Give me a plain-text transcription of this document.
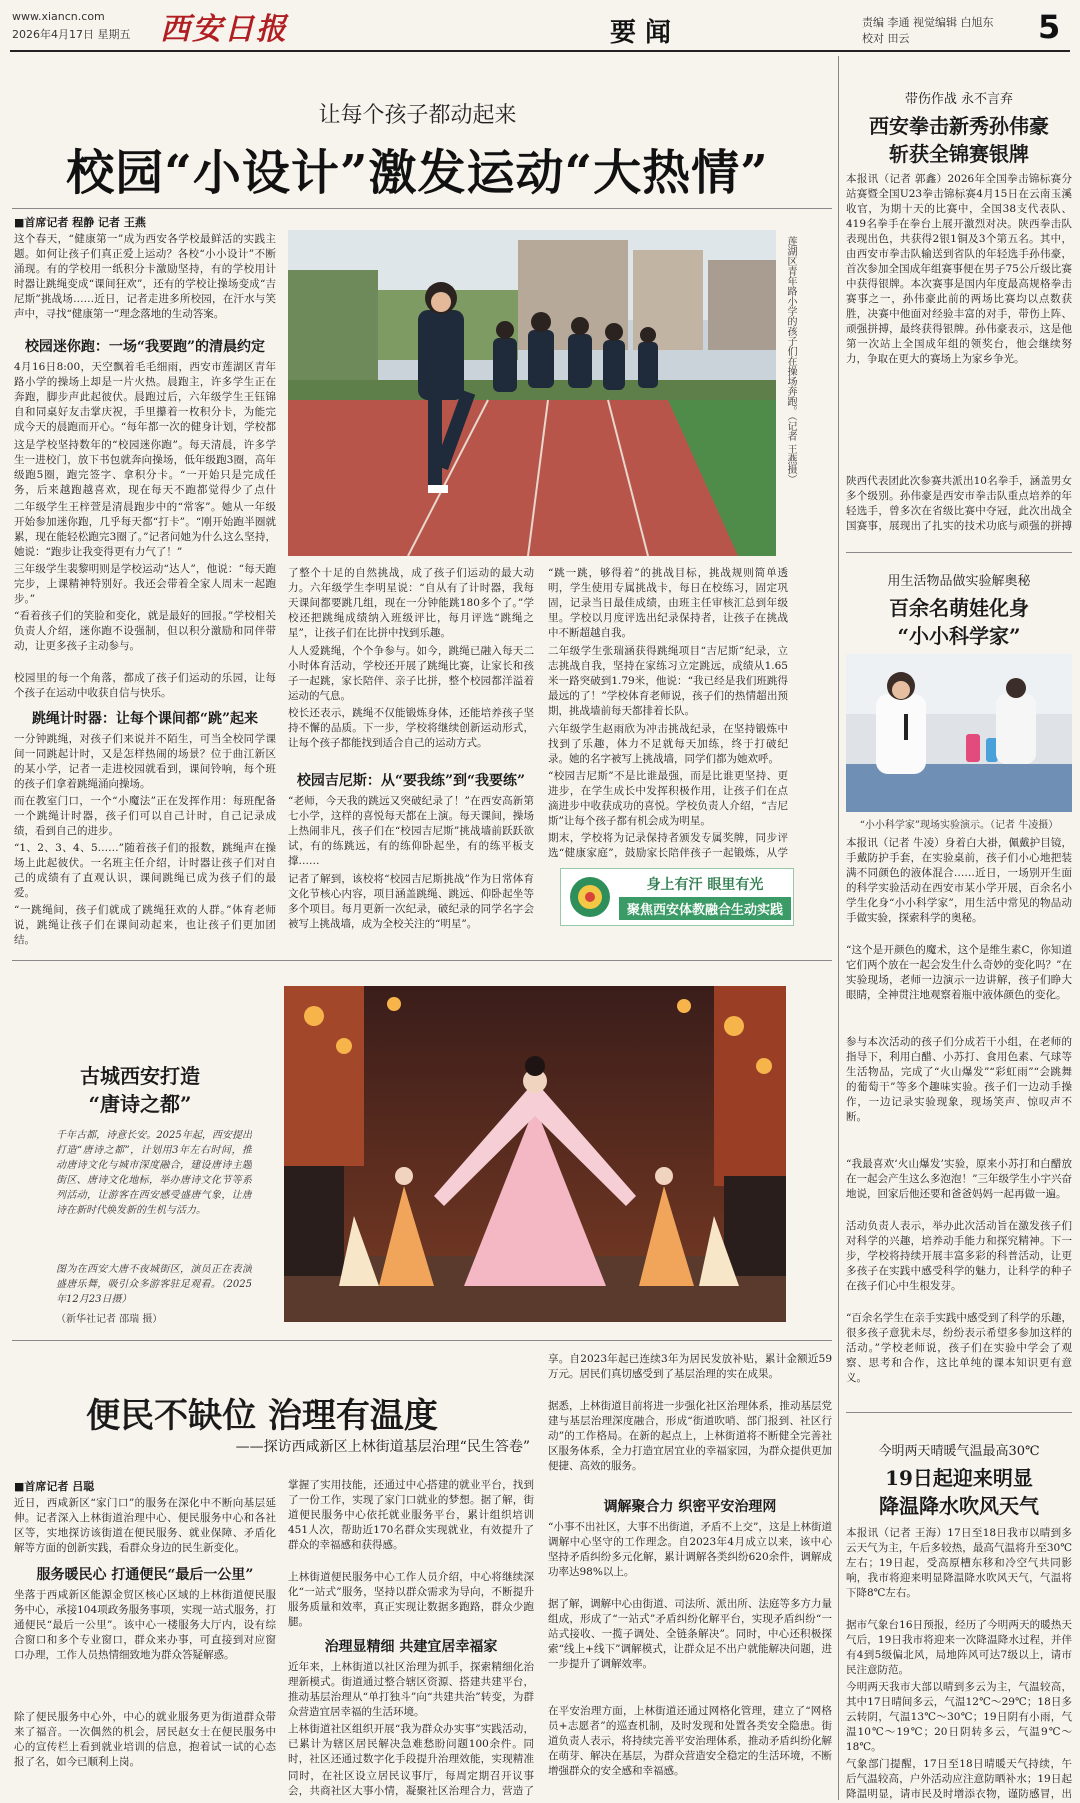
www.xiancn.com
2026年4月17日 星期五 西安日报	要 闻	责编 李通 视觉编辑 白旭东
校对 田云	5
让每个孩子都动起来
校园“小设计”激发运动“大热情”
■首席记者 程静 记者 王燕
这个春天，“健康第一”成为西安各学校最鲜活的实践主题。如何让孩子们真正爱上运动？各校“小小设计”不断涌现。有的学校用一纸积分卡激励坚持，有的学校用计时器让跳绳变成“课间狂欢”，还有的学校让操场变成“吉尼斯”挑战场……近日，记者走进多所校园，在汗水与笑声中，寻找“健康第一”理念落地的生动答案。
校园迷你跑：一场“我要跑”的清晨约定
4月16日8:00，天空飘着毛毛细雨，西安市莲湖区青年路小学的操场上却是一片火热。晨跑主，许多学生正在奔跑，脚步声此起彼伏。晨跑过后，六年级学生王钰锦自和同桌好友击掌庆祝，手里攥着一枚积分卡，为能完成今天的晨跑而开心。“每年都一次的健身计划，学校都
这是学校坚持数年的“校园迷你跑”。每天清晨，许多学生一进校门，放下书包就奔向操场，低年级跑3圈，高年级跑5圈，跑完签字、拿积分卡。“一开始只是完成任务，后来越跑越喜欢，现在每天不跑都觉得少了点什
二年级学生王梓萱是清晨跑步中的“常客”。她从一年级开始参加迷你跑，几乎每天都“打卡”。“刚开始跑半圈就累，现在能轻松跑完3圈了。”记者问她为什么这么坚持，她说：“跑步让我变得更有力气了！”
三年级学生裴黎明则是学校运动“达人”，他说：“每天跑完步，上课精神特别好。我还会带着全家人周末一起跑步。”
“看着孩子们的笑脸和变化，就是最好的回报。”学校相关负责人介绍，迷你跑不设强制，但以积分激励和同伴带动，让更多孩子主动参与。
校园里的每一个角落，都成了孩子们运动的乐园，让每个孩子在运动中收获自信与快乐。
跳绳计时器：让每个课间都“跳”起来
一分钟跳绳，对孩子们来说并不陌生，可当全校同学课间一同跳起计时，又是怎样热闹的场景？位于曲江新区的某小学，记者一走进校园就看到，课间铃响，每个班的孩子们拿着跳绳涌向操场。
而在教室门口，一个“小魔法”正在发挥作用：每班配备一个跳绳计时器，孩子们可以自己计时，自己记录成绩，看到自己的进步。
“1、2、3、4、5……”随着孩子们的报数，跳绳声在操场上此起彼伏。一名班主任介绍，计时器让孩子们对自己的成绩有了直观认识，课间跳绳已成为孩子们的最爱。
“一跳绳间，孩子们就成了跳绳狂欢的人群。”体育老师说，跳绳让孩子们在课间动起来，也让孩子们更加团结。
莲湖区青年路小学的孩子们在操场奔跑。（记者 王燕摄）
了整个十足的自然挑战，成了孩子们运动的最大动力。六年级学生李明星说：“自从有了计时器，我每天课间都要跳几组，现在一分钟能跳180多个了。”学校还把跳绳成绩纳入班级评比，每月评选“跳绳之星”，让孩子们在比拼中找到乐趣。
人人爱跳绳，个个争参与。如今，跳绳已融入每天二小时体育活动，学校还开展了跳绳比赛，让家长和孩子一起跳，家长陪伴、亲子比拼，整个校园都洋溢着运动的气息。
校长还表示，跳绳不仅能锻炼身体，还能培养孩子坚持不懈的品质。下一步，学校将继续创新运动形式，让每个孩子都能找到适合自己的运动方式。
校园吉尼斯：从“要我练”到“我要练”
“老师，今天我的跳远又突破纪录了！”在西安高新第七小学，这样的喜悦每天都在上演。每天课间，操场上热闹非凡，孩子们在“校园吉尼斯”挑战墙前跃跃欲试，有的练跳远，有的练仰卧起坐，有的练平板支撑……
记者了解到，该校将“校园吉尼斯挑战”作为日常体育文化节核心内容，项目涵盖跳绳、跳远、仰卧起坐等多个项目。每月更新一次纪录，破纪录的同学名字会被写上挑战墙，成为全校关注的“明星”。
“跳一跳，够得着”的挑战目标，挑战规则简单透明，学生使用专属挑战卡，每日在校练习，固定巩固，记录当日最佳成绩，由班主任审核汇总到年级里。学校以月度评选出纪录保持者，让孩子在挑战中不断超越自我。
二年级学生张瑞涵获得跳绳项目“吉尼斯”纪录，立志挑战自我，坚持在家练习立定跳远，成绩从1.65米一路突破到1.79米，他说：“我已经是我们班跳得最远的了！”学校体育老师说，孩子们的热情超出预期，挑战墙前每天都排着长队。
六年级学生赵雨欣为冲击挑战纪录，在坚持锻炼中找到了乐趣，体力不足就每天加练，终于打破纪录。她的名字被写上挑战墙，同学们都为她欢呼。
“校园吉尼斯”不是比谁最强，而是比谁更坚持、更进步，在学生成长中发挥积极作用，让孩子们在点滴进步中收获成功的喜悦。学校负责人介绍，“吉尼斯”让每个孩子都有机会成为明星。
期末，学校将为记录保持者颁发专属奖牌，同步评选“健康家庭”，鼓励家长陪伴孩子一起锻炼，从学
身上有汗 眼里有光
聚焦西安体教融合生动实践
带伤作战 永不言弃
西安拳击新秀孙伟豪
斩获全锦赛银牌
本报讯（记者 郭鑫）2026年全国拳击锦标赛分站赛暨全国U23拳击锦标赛4月15日在云南玉溪收官，为期十天的比赛中，全国38支代表队、419名拳手在拳台上展开激烈对决。陕西拳击队表现出色，共获得2银1铜及3个第五名。其中，由西安市拳击队输送到省队的年轻选手孙伟豪，首次参加全国成年组赛事便在男子75公斤级比赛中获得银牌。本次赛事是国内年度最高规格拳击赛事之一，孙伟豪此前的两场比赛均以点数获胜，决赛中他面对经验丰富的对手，带伤上阵、顽强拼搏，最终获得银牌。孙伟豪表示，这是他第一次站上全国成年组的领奖台，他会继续努力，争取在更大的赛场上为家乡争光。
陕西代表团此次参赛共派出10名拳手，涵盖男女多个级别。孙伟豪是西安市拳击队重点培养的年轻选手，曾多次在省级比赛中夺冠，此次出战全国赛事，展现出了扎实的技术功底与顽强的拼搏
用生活物品做实验解奥秘
百余名萌娃化身
“小小科学家”
“小小科学家”现场实验演示。（记者 牛凌摄）
本报讯（记者 牛凌）身着白大褂，佩戴护目镜，手戴防护手套，在实验桌前，孩子们小心地把装满不同颜色的液体混合……近日，一场别开生面的科学实验活动在西安市某小学开展，百余名小学生化身“小小科学家”，用生活中常见的物品动手做实验，探索科学的奥秘。
“这个是开颜色的魔术，这个是维生素C，你知道它们两个放在一起会发生什么奇妙的变化吗？”在实验现场，老师一边演示一边讲解，孩子们睁大眼睛，全神贯注地观察着瓶中液体颜色的变化。
参与本次活动的孩子们分成若干小组，在老师的指导下，利用白醋、小苏打、食用色素、气球等生活物品，完成了“火山爆发”“彩虹雨”“会跳舞的葡萄干”等多个趣味实验。孩子们一边动手操作，一边记录实验现象，现场笑声、惊叹声不断。
“我最喜欢‘火山爆发’实验，原来小苏打和白醋放在一起会产生这么多泡泡！”三年级学生小宇兴奋地说，回家后他还要和爸爸妈妈一起再做一遍。
活动负责人表示，举办此次活动旨在激发孩子们对科学的兴趣，培养动手能力和探究精神。下一步，学校将持续开展丰富多彩的科普活动，让更多孩子在实践中感受科学的魅力，让科学的种子在孩子们心中生根发芽。
“百余名学生在亲手实践中感受到了科学的乐趣，很多孩子意犹未尽，纷纷表示希望多参加这样的活动。”学校老师说，孩子们在实验中学会了观察、思考和合作，这比单纯的课本知识更有意义。
今明两天晴暖气温最高30℃
19日起迎来明显
降温降水吹风天气
本报讯（记者 王海）17日至18日我市以晴到多云天气为主，午后多较热，最高气温将升至30℃左右；19日起，受高原槽东移和冷空气共同影响，我市将迎来明显降温降水吹风天气，气温将下降8℃左右。
据市气象台16日预报，经历了今明两天的暖热天气后，19日我市将迎来一次降温降水过程，并伴有4到5级偏北风，局地阵风可达7级以上，请市民注意防范。
今明两天我市大部以晴到多云为主，气温较高，其中17日晴间多云，气温12℃～29℃；18日多云转阴，气温13℃～30℃；19日阴有小雨，气温10℃～19℃；20日阴转多云，气温9℃～18℃。
气象部门提醒，17日至18日晴暖天气持续，午后气温较高，户外活动应注意防晒补水；19日起降温明显，请市民及时增添衣物，谨防感冒，出
古城西安打造
“唐诗之都”
千年古都，诗意长安。2025年起，西安提出打造“唐诗之都”，计划用3年左右时间，推动唐诗文化与城市深度融合，建设唐诗主题街区、唐诗文化地标，举办唐诗文化节等系列活动，让游客在西安感受盛唐气象，让唐诗在新时代焕发新的生机与活力。
图为在西安大唐不夜城街区，演员正在表演盛唐乐舞，吸引众多游客驻足观看。（2025年12月23日摄）
（新华社记者 邵瑞 摄）
便民不缺位 治理有温度
——探访西咸新区上林街道基层治理“民生答卷”
■首席记者 吕聪
近日，西咸新区“家门口”的服务在深化中不断向基层延伸。记者深入上林街道治理中心、便民服务中心和各社区等，实地探访该街道在便民服务、就业保障、矛盾化解等方面的创新实践，看群众身边的民生新变化。
服务暖民心 打通便民“最后一公里”
坐落于西咸新区能源金贸区核心区域的上林街道便民服务中心，承接104项政务服务事项，实现一站式服务，打通便民“最后一公里”。该中心一楼服务大厅内，设有综合窗口和多个专业窗口，群众来办事，可直接到对应窗口办理，工作人员热情细致地为群众答疑解惑。
除了便民服务中心外，中心的就业服务更为街道群众带来了福音。一次偶然的机会，居民赵女士在便民服务中心的宣传栏上看到就业培训的信息，抱着试一试的心态报了名，如今已顺利上岗。
掌握了实用技能，还通过中心搭建的就业平台，找到了一份工作，实现了家门口就业的梦想。据了解，街道便民服务中心依托就业服务平台，累计组织培训451人次，帮助近170名群众实现就业，有效提升了群众的幸福感和获得感。
上林街道便民服务中心工作人员介绍，中心将继续深化“一站式”服务，坚持以群众需求为导向，不断提升服务质量和效率，真正实现让数据多跑路，群众少跑腿。
治理显精细 共建宜居幸福家
近年来，上林街道以社区治理为抓手，探索精细化治理新模式。街道通过整合辖区资源、搭建共建平台，推动基层治理从“单打独斗”向“共建共治”转变，为群众营造宜居幸福的生活环境。
上林街道社区组织开展“我为群众办实事”实践活动，已累计为辖区居民解决急难愁盼问题100余件。同时，社区还通过数字化手段提升治理效能，实现精准
同时，在社区设立居民议事厅，每周定期召开议事会，共商社区大事小情，凝聚社区治理合力，营造了
享。自2023年起已连续3年为居民发放补贴，累计金额近59万元。居民们真切感受到了基层治理的实在成果。
据悉，上林街道目前将进一步强化社区治理体系，推动基层党建与基层治理深度融合，形成“街道吹哨、部门报到、社区行动”的工作格局。在新的起点上，上林街道将不断健全完善社区服务体系，全力打造宜居宜业的幸福家园，为群众提供更加便捷、高效的服务。
调解聚合力 织密平安治理网
“小事不出社区，大事不出街道，矛盾不上交”，这是上林街道调解中心坚守的工作理念。自2023年4月成立以来，该中心坚持矛盾纠纷多元化解，累计调解各类纠纷620余件，调解成功率达98%以上。
据了解，调解中心由街道、司法所、派出所、法庭等多方力量组成，形成了“一站式”矛盾纠纷化解平台，实现矛盾纠纷“一站式接收、一揽子调处、全链条解决”。同时，中心还积极探索“线上+线下”调解模式，让群众足不出户就能解决问题，进一步提升了调解效率。
在平安治理方面，上林街道还通过网格化管理，建立了“网格员+志愿者”的巡查机制，及时发现和处置各类安全隐患。街道负责人表示，将持续完善平安治理体系，推动矛盾纠纷化解在萌芽、解决在基层，为群众营造安全稳定的生活环境，不断增强群众的安全感和幸福感。
